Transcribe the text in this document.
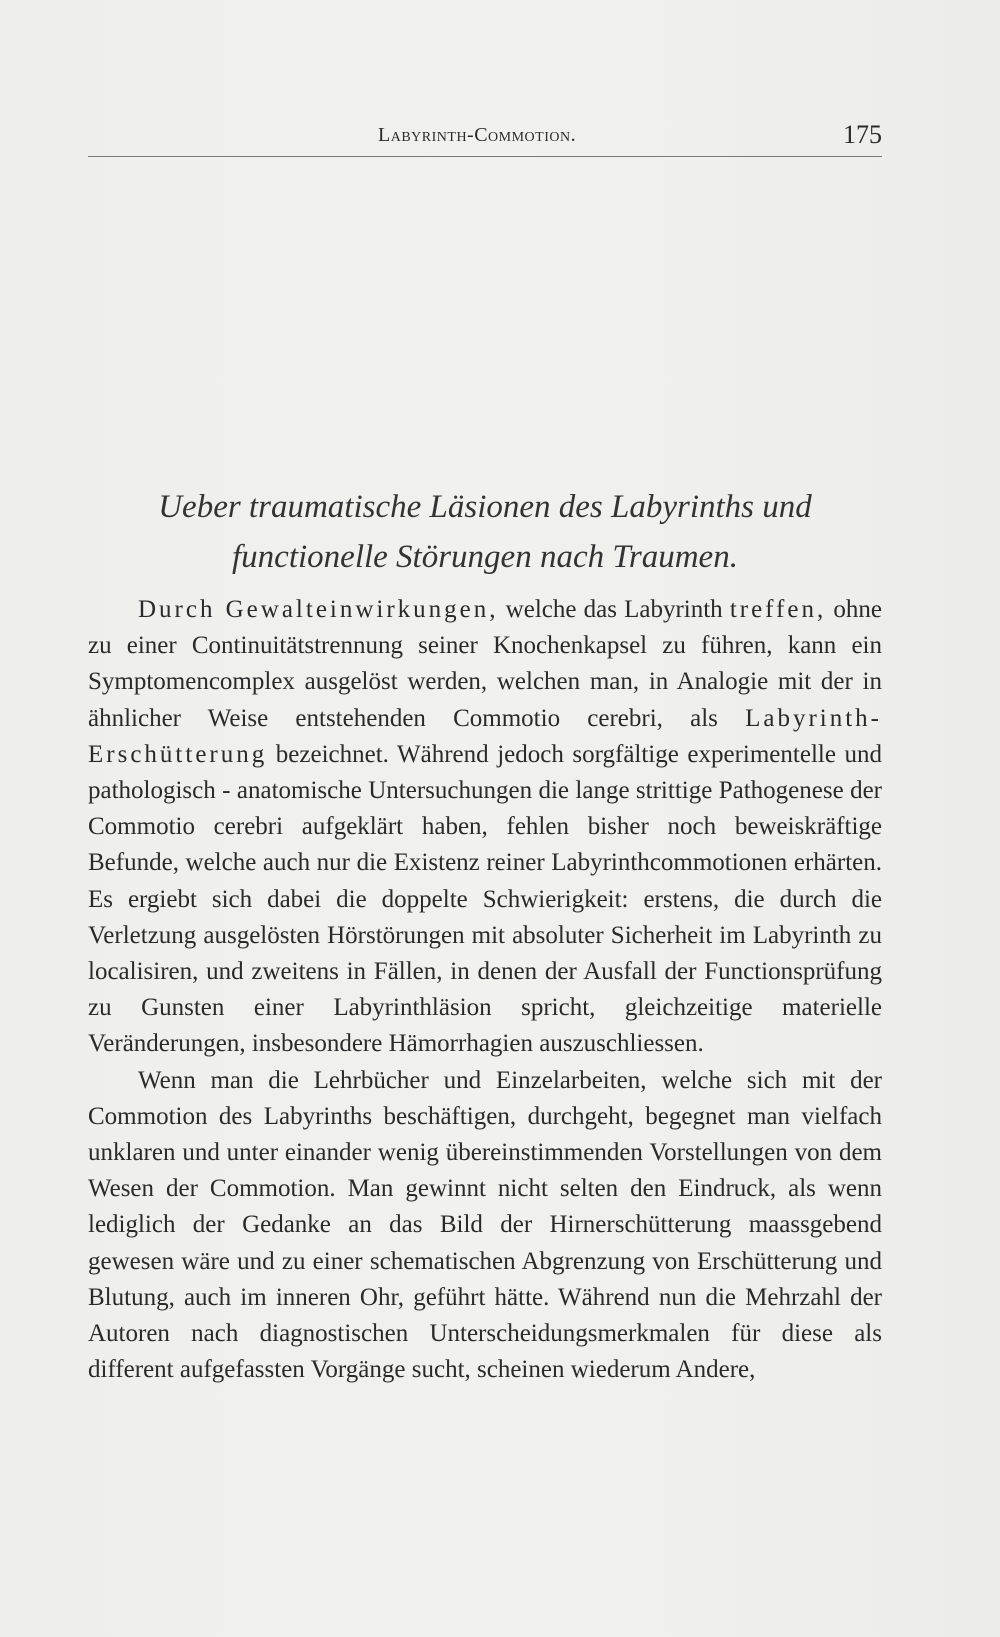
Labyrinth-Commotion.	175
Ueber traumatische Läsionen des Labyrinths und
functionelle Störungen nach Traumen.

Durch Gewalteinwirkungen, welche das Labyrinth treffen, ohne zu einer Continuitätstrennung seiner Knochenkapsel zu führen, kann ein Symptomencomplex ausgelöst werden, welchen man, in Analogie mit der in ähnlicher Weise entstehenden Commotio cerebri, als Labyrinth-Erschütterung bezeichnet. Während jedoch sorgfältige experimentelle und pathologisch - anatomische Untersuchungen die lange strittige Pathogenese der Commotio cerebri aufgeklärt haben, fehlen bisher noch beweiskräftige Befunde, welche auch nur die Existenz reiner Labyrinthcommotionen erhärten. Es ergiebt sich dabei die doppelte Schwierigkeit: erstens, die durch die Verletzung ausgelösten Hörstörungen mit absoluter Sicherheit im Labyrinth zu localisiren, und zweitens in Fällen, in denen der Ausfall der Functionsprüfung zu Gunsten einer Labyrinthläsion spricht, gleichzeitige materielle Veränderungen, insbesondere Hämorrhagien auszuschliessen.

Wenn man die Lehrbücher und Einzelarbeiten, welche sich mit der Commotion des Labyrinths beschäftigen, durchgeht, begegnet man vielfach unklaren und unter einander wenig übereinstimmenden Vorstellungen von dem Wesen der Commotion. Man gewinnt nicht selten den Eindruck, als wenn lediglich der Gedanke an das Bild der Hirnerschütterung maassgebend gewesen wäre und zu einer schematischen Abgrenzung von Erschütterung und Blutung, auch im inneren Ohr, geführt hätte. Während nun die Mehrzahl der Autoren nach diagnostischen Unterscheidungsmerkmalen für diese als different aufgefassten Vorgänge sucht, scheinen wiederum Andere,
